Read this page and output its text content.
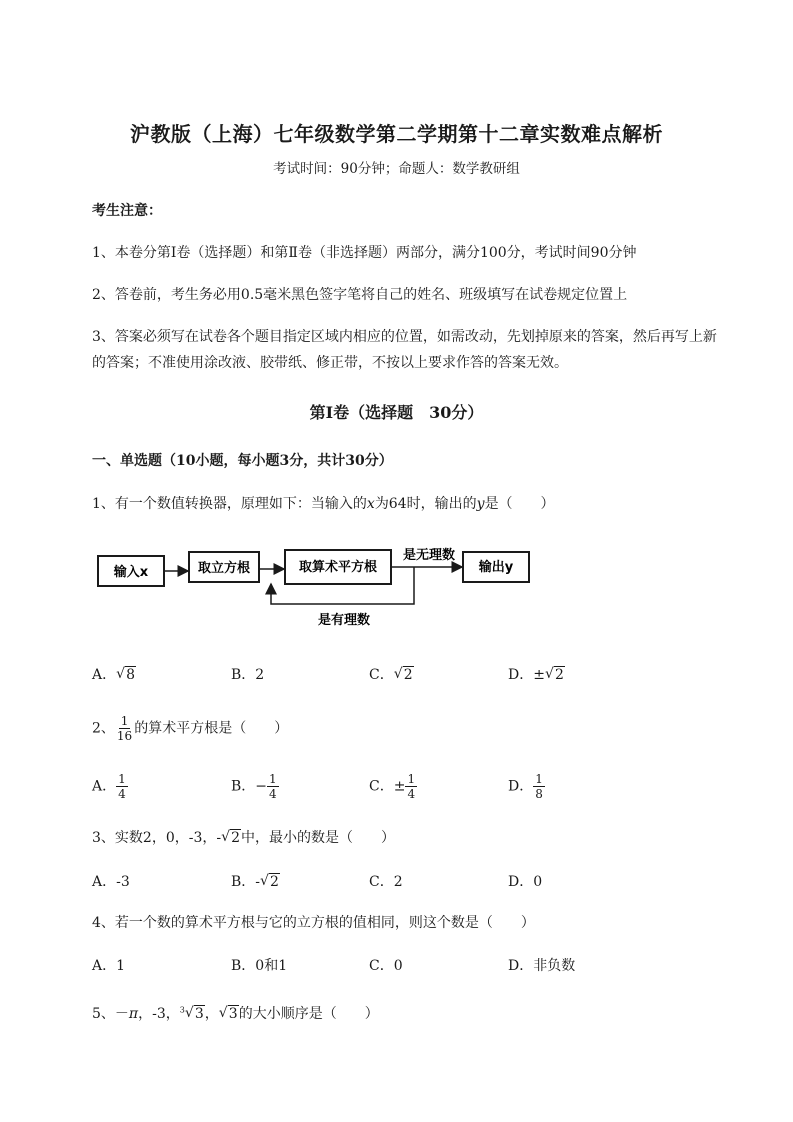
沪教版（上海）七年级数学第二学期第十二章实数难点解析
考试时间：90分钟；命题人：数学教研组
考生注意：
1、本卷分第Ⅰ卷（选择题）和第Ⅱ卷（非选择题）两部分，满分100分，考试时间90分钟
2、答卷前，考生务必用0.5毫米黑色签字笔将自己的姓名、班级填写在试卷规定位置上
3、答案必须写在试卷各个题目指定区域内相应的位置，如需改动，先划掉原来的答案，然后再写上新
的答案；不准使用涂改液、胶带纸、修正带，不按以上要求作答的答案无效。
第Ⅰ卷（选择题　30分）
一、单选题（10小题，每小题3分，共计30分）
1、有一个数值转换器，原理如下：当输入的x为64时，输出的y是（　　）
输入x	取立方根	取算术平方根
是无理数
输出y
是有理数
A． √ 8	B．2	C． √ 2	D．± √ 2
2、 $\frac{1}{16}$ 的算术平方根是（　　）
A． $\frac{1}{4}$	B．− $\frac{1}{4}$	C．± $\frac{1}{4}$	D． $\frac{1}{8}$
3、实数2，0，-3，- √ 2中，最小的数是（　　）
A．-3	B．- √ 2	C．2	D．0
4、若一个数的算术平方根与它的立方根的值相同，则这个数是（　　）
A．1	B．0和1	C．0	D．非负数
5、－π，-3，$^3$ √ 3， √ 3的大小顺序是（　　）
